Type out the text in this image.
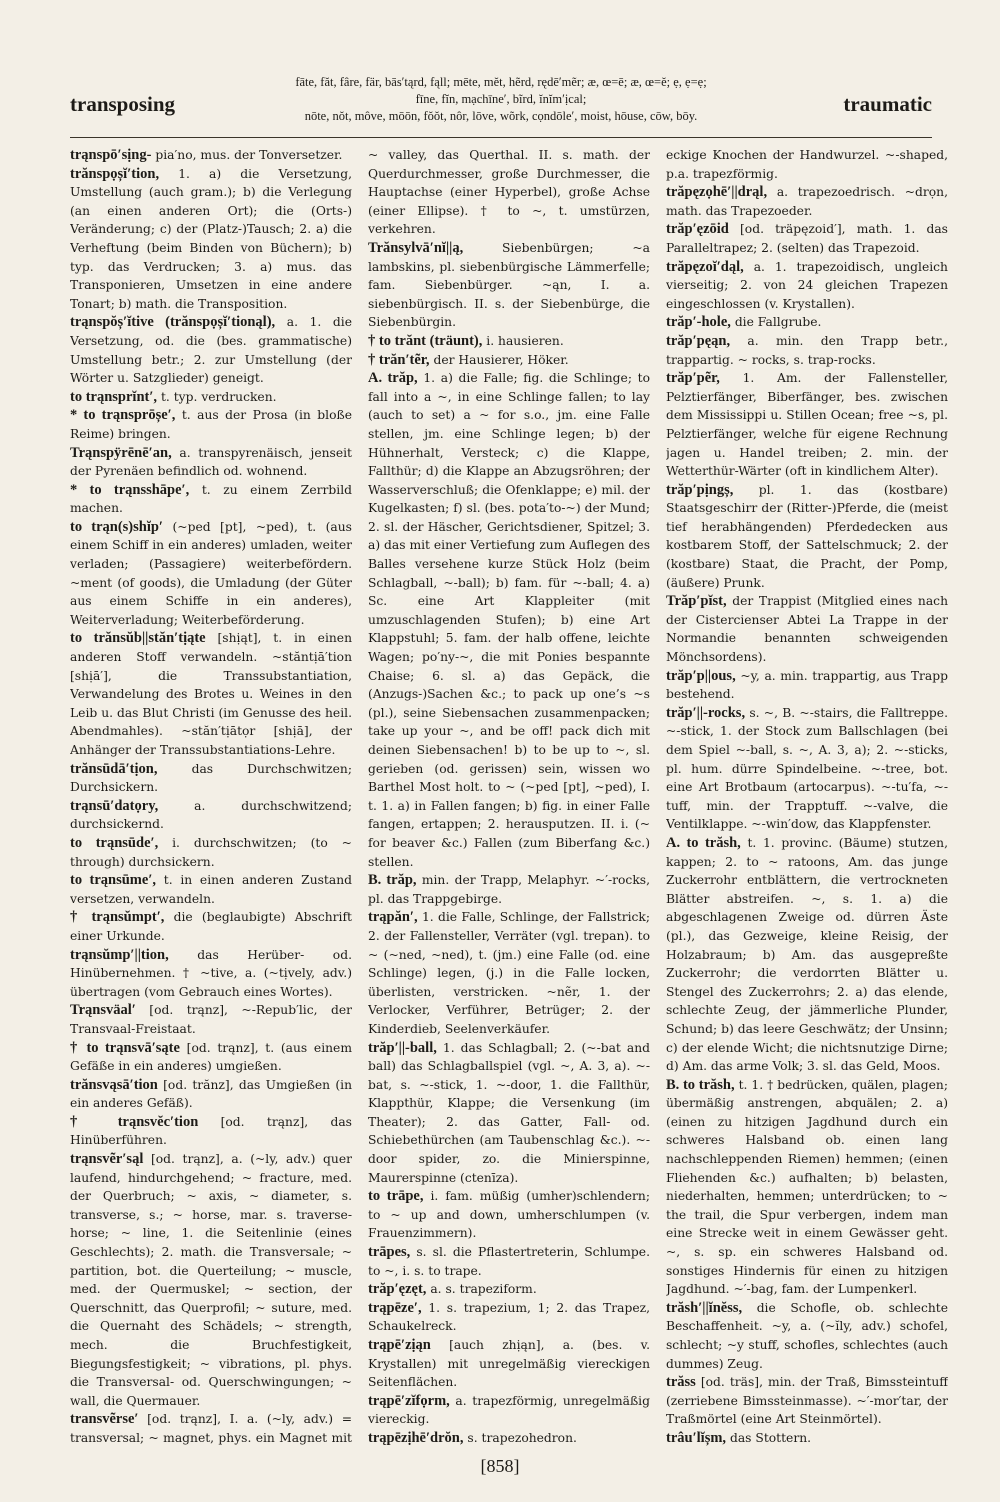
transposing
fāte, făt, fâre, fär, bās′tąrd, fąll; mēte, mĕt, hẽrd, rędē′mẽr; æ, œ=ē; æ, œ=ĕ; ẹ, ẹ=ẹ;
fīne, fĭn, mạchīne′, bĩrd, ĭnĭm′ịcal;
nōte, nŏt, môve, mōōn, fŏŏt, nôr, lōve, wõrk, cọndōle′, moist, hōuse, cōw, bōy.	traumatic

trąnspō′sịng- pia′no, mus. der Tonversetzer.

trănspọșĭ′tion, 1. a) die Versetzung, Umstellung (auch gram.); b) die Verlegung (an einen anderen Ort); die (Orts-) Veränderung; c) der (Platz-)Tausch; 2. a) die Verheftung (beim Binden von Büchern); b) typ. das Verdrucken; 3. a) mus. das Transponieren, Umsetzen in eine andere Tonart; b) math. die Transposition.

trąnspŏș′ĭtive (trănspọșĭ′tionąl), a. 1. die Versetzung, od. die (bes. grammatische) Umstellung betr.; 2. zur Umstellung (der Wörter u. Satzglieder) geneigt.

to trąnsprĭnt′, t. typ. verdrucken.

* to trąnsprōșe′, t. aus der Prosa (in bloße Reime) bringen.

Trąnspÿrēnē′an, a. transpyrenäisch, jenseit der Pyrenäen befindlich od. wohnend.

* to trąnsshāpe′, t. zu einem Zerrbild machen.

to trąn(s)shĭp′ (~ped [pt], ~ped), t. (aus einem Schiff in ein anderes) umladen, weiter verladen; (Passagiere) weiterbefördern. ~ment (of goods), die Umladung (der Güter aus einem Schiffe in ein anderes), Weiterverladung; Weiterbeförderung.

to trănsŭb||stăn′tịąte [shịąt], t. in einen anderen Stoff verwandeln. ~stăntịā′tion [shịā′], die Transsubstantiation, Verwandelung des Brotes u. Weines in den Leib u. das Blut Christi (im Genusse des heil. Abendmahles). ~stăn′tịātọr [shịā], der Anhänger der Transsubstantiations-Lehre.

trănsūdā′tịon,	das Durchschwitzen; Durchsickern.

trąnsū′datọry,	a. durchschwitzend; durchsickernd.

to trąnsūde′, i. durchschwitzen; (to ~ through) durchsickern.

to trąnsūme′, t. in einen anderen Zustand versetzen, verwandeln.

† trąnsŭmpt′, die (beglaubigte) Abschrift einer Urkunde.

trąnsŭmp′||tion, das Herüber- od. Hinübernehmen. † ~tive, a. (~tịvely, adv.) übertragen (vom Gebrauch eines Wortes).

Trąnsväal′ [od. trąnz], ~-Repub′lic, der Transvaal-Freistaat.

† to trąnsvā′sąte [od. trąnz], t. (aus einem Gefäße in ein anderes) umgießen.

trănsvąsā′tion [od. trănz], das Umgießen (in ein anderes Gefäß).

† trąnsvĕc′tion [od. trąnz], das Hinüberführen.

trąnsvẽr′sąl [od. trąnz], a. (~ly, adv.) quer laufend, hindurchgehend; ~ fracture, med. der Querbruch; ~ axis, ~ diameter, s. transverse, s.; ~ horse, mar. s. traverse-horse; ~ line, 1. die Seitenlinie (eines Geschlechts); 2. math. die Transversale; ~ partition, bot. die Querteilung; ~ muscle, med. der Quermuskel; ~ section, der Querschnitt, das Querprofil; ~ suture, med. die Quernaht des Schädels; ~ strength, mech. die Bruchfestigkeit, Biegungsfestigkeit; ~ vibrations, pl. phys. die Transversal- od. Querschwingungen; ~ wall, die Quermauer.

transvẽrse′ [od. trąnz], I. a. (~ly, adv.) = transversal; ~ magnet, phys. ein Magnet mit

~ valley, das Querthal. II. s. math. der Querdurchmesser, große Durchmesser, die Hauptachse (einer Hyperbel), große Achse (einer Ellipse). † to ~, t. umstürzen, verkehren.

Trănsylvā′nĭ||ą,	Siebenbürgen; ~a lambskins, pl. siebenbürgische Lämmerfelle; fam. Siebenbürger. ~ąn, I. a. siebenbürgisch. II. s. der Siebenbürge, die Siebenbürgin.

† to trănt (träunt), i. hausieren.

† trăn′tẽr, der Hausierer, Höker.

A. trăp, 1. a) die Falle; fig. die Schlinge; to fall into a ~, in eine Schlinge fallen; to lay (auch to set) a ~ for s.o., jm. eine Falle stellen, jm. eine Schlinge legen; b) der Hühnerhalt, Versteck; c) die Klappe, Fallthür; d) die Klappe an Abzugsröhren; der Wasserverschluß; die Ofenklappe; e) mil. der Kugelkasten; f) sl. (bes. pota′to-~) der Mund; 2. sl. der Häscher, Gerichtsdiener, Spitzel; 3. a) das mit einer Vertiefung zum Auflegen des Balles versehene kurze Stück Holz (beim Schlagball, ~-ball); b) fam. für ~-ball; 4. a) Sc. eine Art Klappleiter (mit umzuschlagenden Stufen); b) eine Art Klappstuhl; 5. fam. der halb offene, leichte Wagen; po′ny-~, die mit Ponies bespannte Chaise; 6. sl. a) das Gepäck, die (Anzugs-)Sachen &c.; to pack up one’s ~s (pl.), seine Siebensachen zusammenpacken; take up your ~, and be off! pack dich mit deinen Siebensachen! b) to be up to ~, sl. gerieben (od. gerissen) sein, wissen wo Barthel Most holt. to ~ (~ped [pt], ~ped), I. t. 1. a) in Fallen fangen; b) fig. in einer Falle fangen, ertappen; 2. herausputzen. II. i. (~ for beaver &c.) Fallen (zum Biberfang &c.) stellen.

B. trăp, min. der Trapp, Melaphyr. ~′-rocks, pl. das Trappgebirge.

trąpăn′, 1. die Falle, Schlinge, der Fallstrick; 2. der Fallensteller, Verräter (vgl. trepan). to ~ (~ned, ~ned), t. (jm.) eine Falle (od. eine Schlinge) legen, (j.) in die Falle locken, überlisten, verstricken. ~nẽr, 1. der Verlocker, Verführer, Betrüger; 2. der Kinderdieb, Seelenverkäufer.

trăp′||-ball, 1. das Schlagball; 2. (~-bat and ball) das Schlagballspiel (vgl. ~, A. 3, a). ~-bat, s. ~-stick, 1. ~-door, 1. die Fallthür, Klappthür, Klappe; die Versenkung (im Theater); 2. das Gatter, Fall- od. Schiebethürchen (am Taubenschlag &c.). ~-door spider, zo. die Minierspinne, Maurerspinne (ctenīza).

to trāpe, i. fam. müßig (umher)schlendern; to ~ up and down, umherschlumpen (v. Frauenzimmern).

trāpes, s. sl. die Pflastertreterin, Schlumpe. to ~, i. s. to trape.

trăp′ęzęt, a. s. trapeziform.

trąpēze′, 1. s. trapezium, 1; 2. das Trapez, Schaukelreck.

trąpē′zịąn [auch zhịąn], a. (bes. v. Krystallen) mit unregelmäßig viereckigen Seitenflächen.

trąpē′zĭfọrm, a. trapezförmig, unregelmäßig viereckig.

trąpēzịhē′drŏn, s. trapezohedron.

eckige Knochen der Handwurzel. ~-shaped, p.a. trapezförmig.

trăpęzọhē′||drąl, a. trapezoedrisch. ~drọn, math. das Trapezoeder.

trăp′ęzōid [od. träpęzoid′], math. 1. das Paralleltrapez; 2. (selten) das Trapezoid.

trăpęzoĭ′dąl, a. 1. trapezoidisch, ungleich vierseitig; 2. von 24 gleichen Trapezen eingeschlossen (v. Krystallen).

trăp′-hole, die Fallgrube.

trăp′pęąn, a. min. den Trapp betr., trappartig. ~ rocks, s. trap-rocks.

trăp′pẽr, 1. Am. der Fallensteller, Pelztierfänger, Biberfänger, bes. zwischen dem Mississippi u. Stillen Ocean; free ~s, pl. Pelztierfänger, welche für eigene Rechnung jagen u. Handel treiben; 2. min. der Wetterthür-Wärter (oft in kindlichem Alter).

trăp′pịngș, pl. 1. das (kostbare) Staatsgeschirr der (Ritter-)Pferde, die (meist tief herabhängenden) Pferdedecken aus kostbarem Stoff, der Sattelschmuck; 2. der (kostbare) Staat, die Pracht, der Pomp, (äußere) Prunk.

Trăp′pĭst, der Trappist (Mitglied eines nach der Cistercienser Abtei La Trappe in der Normandie benannten schweigenden Mönchsordens).

trăp′p||ous, ~y, a. min. trappartig, aus Trapp bestehend.

trăp′||-rocks, s. ~, B. ~-stairs, die Falltreppe. ~-stick, 1. der Stock zum Ballschlagen (bei dem Spiel ~-ball, s. ~, A. 3, a); 2. ~-sticks, pl. hum. dürre Spindelbeine. ~-tree, bot. eine Art Brotbaum (artocarpus). ~-tu′fa, ~-tuff, min. der Trapptuff. ~-valve, die Ventilklappe. ~-win′dow, das Klappfenster.

A. to trăsh, t. 1. provinc. (Bäume) stutzen, kappen; 2. to ~ ratoons, Am. das junge Zuckerrohr entblättern, die vertrockneten Blätter abstreifen. ~, s. 1. a) die abgeschlagenen Zweige od. dürren Äste (pl.), das Gezweige, kleine Reisig, der Holzabraum; b) Am. das ausgepreßte Zuckerrohr; die verdorrten Blätter u. Stengel des Zuckerrohrs; 2. a) das elende, schlechte Zeug, der jämmerliche Plunder, Schund; b) das leere Geschwätz; der Unsinn; c) der elende Wicht; die nichtsnutzige Dirne; d) Am. das arme Volk; 3. sl. das Geld, Moos.

B. to trăsh, t. 1. † bedrücken, quälen, plagen; übermäßig anstrengen, abquälen; 2. a) (einen zu hitzigen Jagdhund durch ein schweres Halsband ob. einen lang nachschleppenden Riemen) hemmen; (einen Fliehenden &c.) aufhalten; b) belasten, niederhalten, hemmen; unterdrücken; to ~ the trail, die Spur verbergen, indem man eine Strecke weit in einem Gewässer geht. ~, s. sp. ein schweres Halsband od. sonstiges Hindernis für einen zu hitzigen Jagdhund. ~′-bag, fam. der Lumpenkerl.

trăsh′||ĭnĕss, die Schofle, ob. schlechte Beschaffenheit. ~y, a. (~ĭly, adv.) schofel, schlecht; ~y stuff, schofles, schlechtes (auch dummes) Zeug.

trăss [od. träs], min. der Traß, Bimssteintuff (zerriebene Bimssteinmasse). ~′-mor′tar, der Traßmörtel (eine Art Steinmörtel).

trâu′lĭșm, das Stottern.

[858]
